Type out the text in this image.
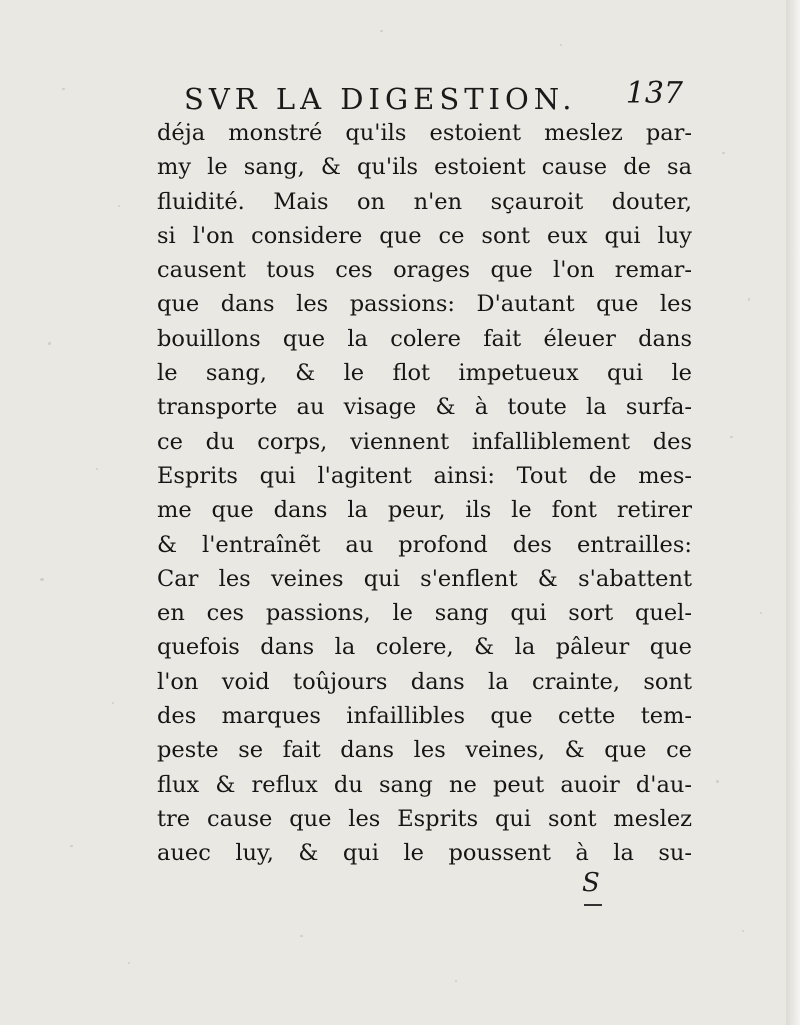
SVR LA DIGESTION. 137
déja monstré qu'ils estoient meslez par-
my le sang, & qu'ils estoient cause de sa
fluidité. Mais on n'en sçauroit douter,
si l'on considere que ce sont eux qui luy
causent tous ces orages que l'on remar-
que dans les passions: D'autant que les
bouillons que la colere fait éleuer dans
le sang, & le flot impetueux qui le
transporte au visage & à toute la surfa-
ce du corps, viennent infalliblement des
Esprits qui l'agitent ainsi: Tout de mes-
me que dans la peur, ils le font retirer
& l'entraînẽt au profond des entrailles:
Car les veines qui s'enflent & s'abattent
en ces passions, le sang qui sort quel-
quefois dans la colere, & la pâleur que
l'on void toûjours dans la crainte, sont
des marques infaillibles que cette tem-
peste se fait dans les veines, & que ce
flux & reflux du sang ne peut auoir d'au-
tre cause que les Esprits qui sont meslez
auec luy, & qui le poussent à la su-
S
